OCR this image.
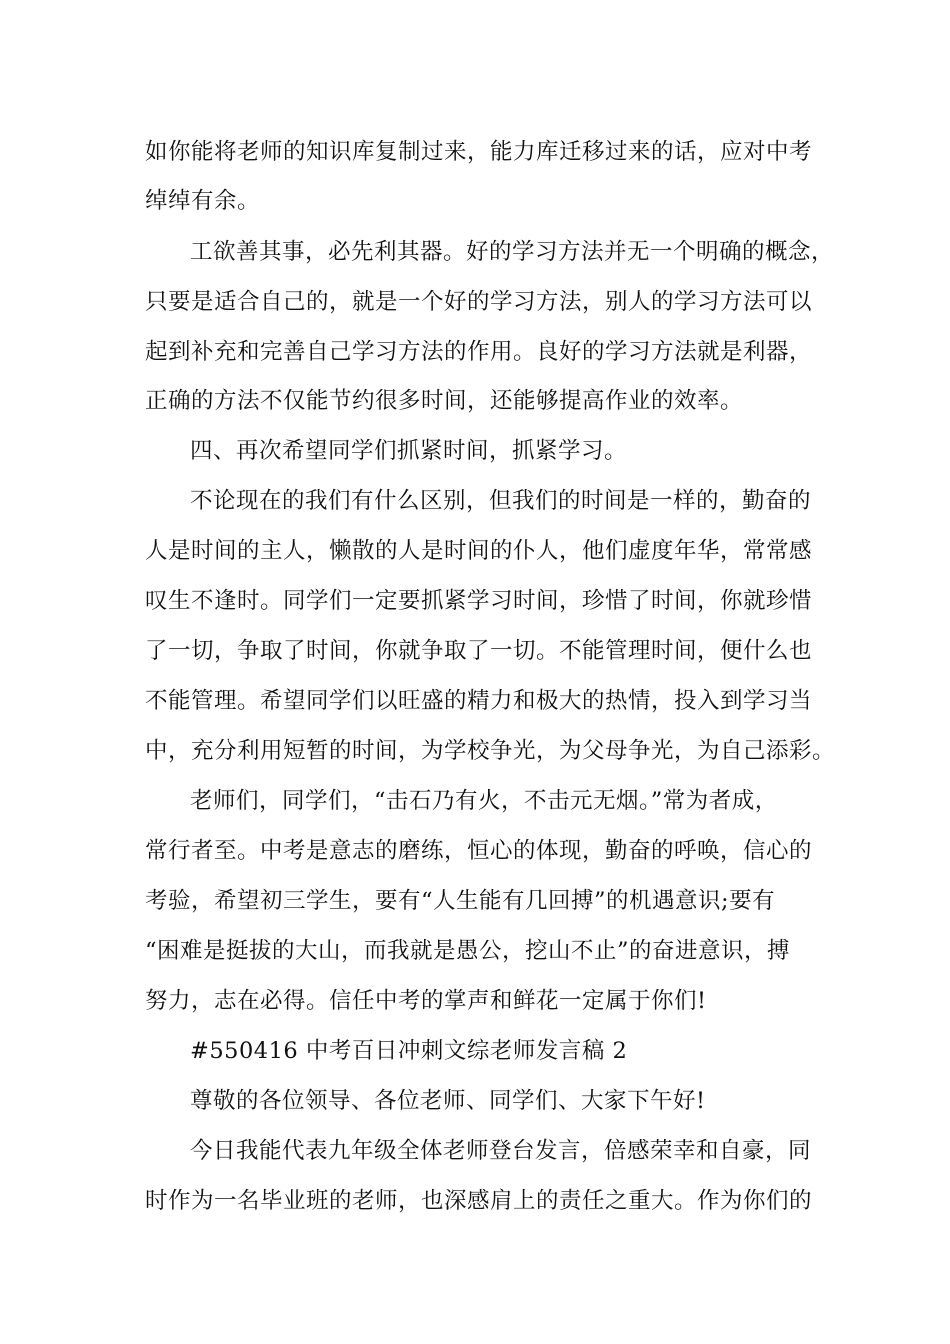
如你能将老师的知识库复制过来，能力库迁移过来的话，应对中考
绰绰有余。
工欲善其事，必先利其器。好的学习方法并无一个明确的概念，
只要是适合自己的，就是一个好的学习方法，别人的学习方法可以
起到补充和完善自己学习方法的作用。良好的学习方法就是利器，
正确的方法不仅能节约很多时间，还能够提高作业的效率。
四、再次希望同学们抓紧时间，抓紧学习。
不论现在的我们有什么区别，但我们的时间是一样的，勤奋的
人是时间的主人，懒散的人是时间的仆人，他们虚度年华，常常感
叹生不逢时。同学们一定要抓紧学习时间，珍惜了时间，你就珍惜
了一切，争取了时间，你就争取了一切。不能管理时间，便什么也
不能管理。希望同学们以旺盛的精力和极大的热情，投入到学习当
中，充分利用短暂的时间，为学校争光，为父母争光，为自己添彩。
老师们，同学们，“击石乃有火，不击元无烟。”常为者成，
常行者至。中考是意志的磨练，恒心的体现，勤奋的呼唤，信心的
考验，希望初三学生，要有“人生能有几回搏”的机遇意识;要有
“困难是挺拔的大山，而我就是愚公，挖山不止”的奋进意识，搏
努力，志在必得。信任中考的掌声和鲜花一定属于你们!
#550416 中考百日冲刺文综老师发言稿 2
尊敬的各位领导、各位老师、同学们、大家下午好!
今日我能代表九年级全体老师登台发言，倍感荣幸和自豪，同
时作为一名毕业班的老师，也深感肩上的责任之重大。作为你们的
